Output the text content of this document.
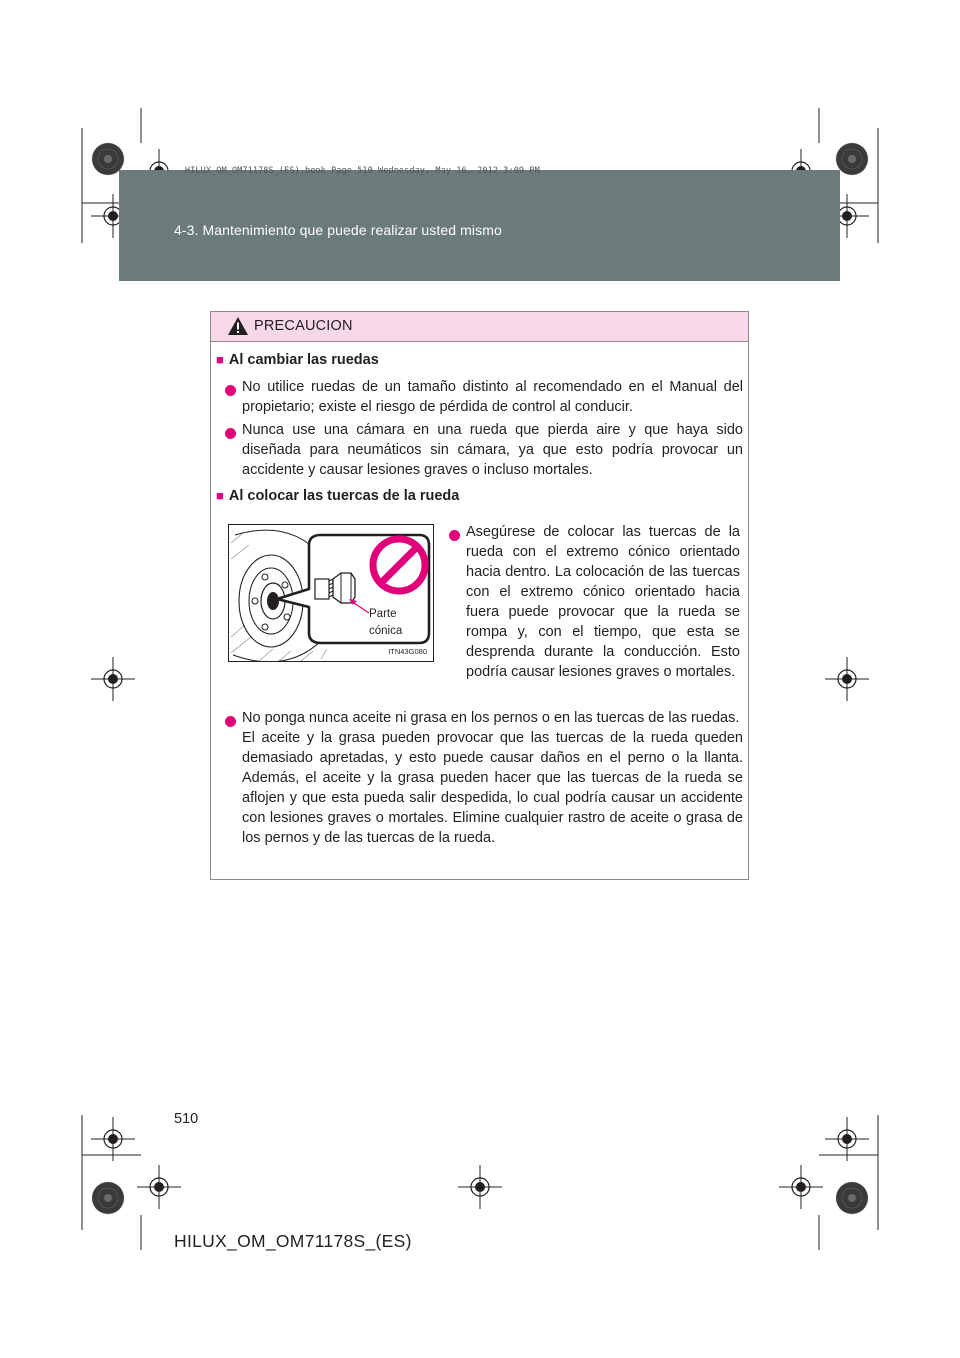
HILUX_OM_OM71178S_(ES).book Page 510 Wednesday, May 16, 2012 3:09 PM
4-3. Mantenimiento que puede realizar usted mismo
PRECAUCION
■ Al cambiar las ruedas
No utilice ruedas de un tamaño distinto al recomendado en el Manual del propietario; existe el riesgo de pérdida de control al conducir.
Nunca use una cámara en una rueda que pierda aire y que haya sido diseñada para neumáticos sin cámara, ya que esto podría provocar un accidente y causar lesiones graves o incluso mortales.
■ Al colocar las tuercas de la rueda
Parte
cónica
ITN43G080
Asegúrese de colocar las tuercas de la rueda con el extremo cónico orientado hacia dentro. La colocación de las tuercas con el extremo cónico orientado hacia fuera puede provocar que la rueda se rompa y, con el tiempo, que esta se desprenda durante la conducción. Esto podría causar lesiones graves o mortales.
No ponga nunca aceite ni grasa en los pernos o en las tuercas de las ruedas.
El aceite y la grasa pueden provocar que las tuercas de la rueda queden demasiado apretadas, y esto puede causar daños en el perno o la llanta. Además, el aceite y la grasa pueden hacer que las tuercas de la rueda se aflojen y que esta pueda salir despedida, lo cual podría causar un accidente con lesiones graves o mortales. Elimine cualquier rastro de aceite o grasa de los pernos y de las tuercas de la rueda.
510
HILUX_OM_OM71178S_(ES)
